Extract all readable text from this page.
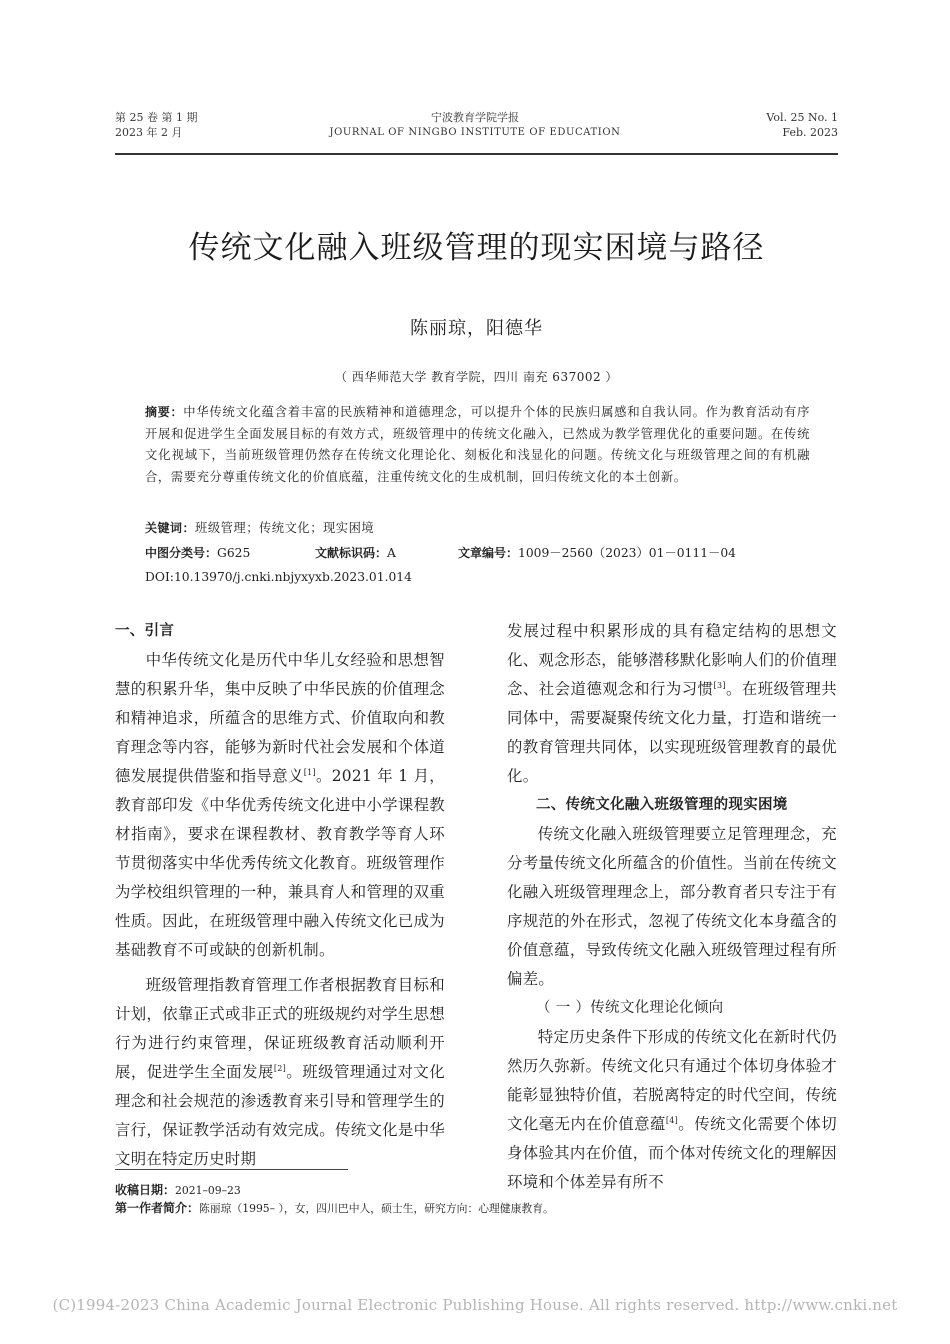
第 25 卷 第 1 期
2023 年 2 月
宁波教育学院学报
JOURNAL OF NINGBO INSTITUTE OF EDUCATION
Vol. 25 No. 1
Feb. 2023
传统文化融入班级管理的现实困境与路径
陈丽琼，阳德华
（ 西华师范大学 教育学院，四川 南充 637002 ）
摘要：中华传统文化蕴含着丰富的民族精神和道德理念，可以提升个体的民族归属感和自我认同。作为教育活动有序开展和促进学生全面发展目标的有效方式，班级管理中的传统文化融入，已然成为教学管理优化的重要问题。在传统文化视域下，当前班级管理仍然存在传统文化理论化、刻板化和浅显化的问题。传统文化与班级管理之间的有机融合，需要充分尊重传统文化的价值底蕴，注重传统文化的生成机制，回归传统文化的本土创新。
关键词：班级管理；传统文化；现实困境
中图分类号：G625	文献标识码：A	文章编号：1009－2560（2023）01－0111－04
DOI:10.13970/j.cnki.nbjyxyxb.2023.01.014
一、引言

中华传统文化是历代中华儿女经验和思想智慧的积累升华，集中反映了中华民族的价值理念和精神追求，所蕴含的思维方式、价值取向和教育理念等内容，能够为新时代社会发展和个体道德发展提供借鉴和指导意义[1]。2021 年 1 月，教育部印发《中华优秀传统文化进中小学课程教材指南》，要求在课程教材、教育教学等育人环节贯彻落实中华优秀传统文化教育。班级管理作为学校组织管理的一种，兼具育人和管理的双重性质。因此，在班级管理中融入传统文化已成为基础教育不可或缺的创新机制。

班级管理指教育管理工作者根据教育目标和计划，依靠正式或非正式的班级规约对学生思想行为进行约束管理，保证班级教育活动顺利开展，促进学生全面发展[2]。班级管理通过对文化理念和社会规范的渗透教育来引导和管理学生的言行，保证教学活动有效完成。传统文化是中华文明在特定历史时期

发展过程中积累形成的具有稳定结构的思想文化、观念形态，能够潜移默化影响人们的价值理念、社会道德观念和行为习惯[3]。在班级管理共同体中，需要凝聚传统文化力量，打造和谐统一的教育管理共同体，以实现班级管理教育的最优化。

二、传统文化融入班级管理的现实困境

传统文化融入班级管理要立足管理理念，充分考量传统文化所蕴含的价值性。当前在传统文化融入班级管理理念上，部分教育者只专注于有序规范的外在形式，忽视了传统文化本身蕴含的价值意蕴，导致传统文化融入班级管理过程有所偏差。

（ 一 ）传统文化理论化倾向

特定历史条件下形成的传统文化在新时代仍然历久弥新。传统文化只有通过个体切身体验才能彰显独特价值，若脱离特定的时代空间，传统文化毫无内在价值意蕴[4]。传统文化需要个体切身体验其内在价值，而个体对传统文化的理解因环境和个体差异有所不

收稿日期：2021–09–23
第一作者简介：陈丽琼（1995– ），女，四川巴中人，硕士生，研究方向：心理健康教育。
(C)1994-2023 China Academic Journal Electronic Publishing House. All rights reserved. http://www.cnki.net
